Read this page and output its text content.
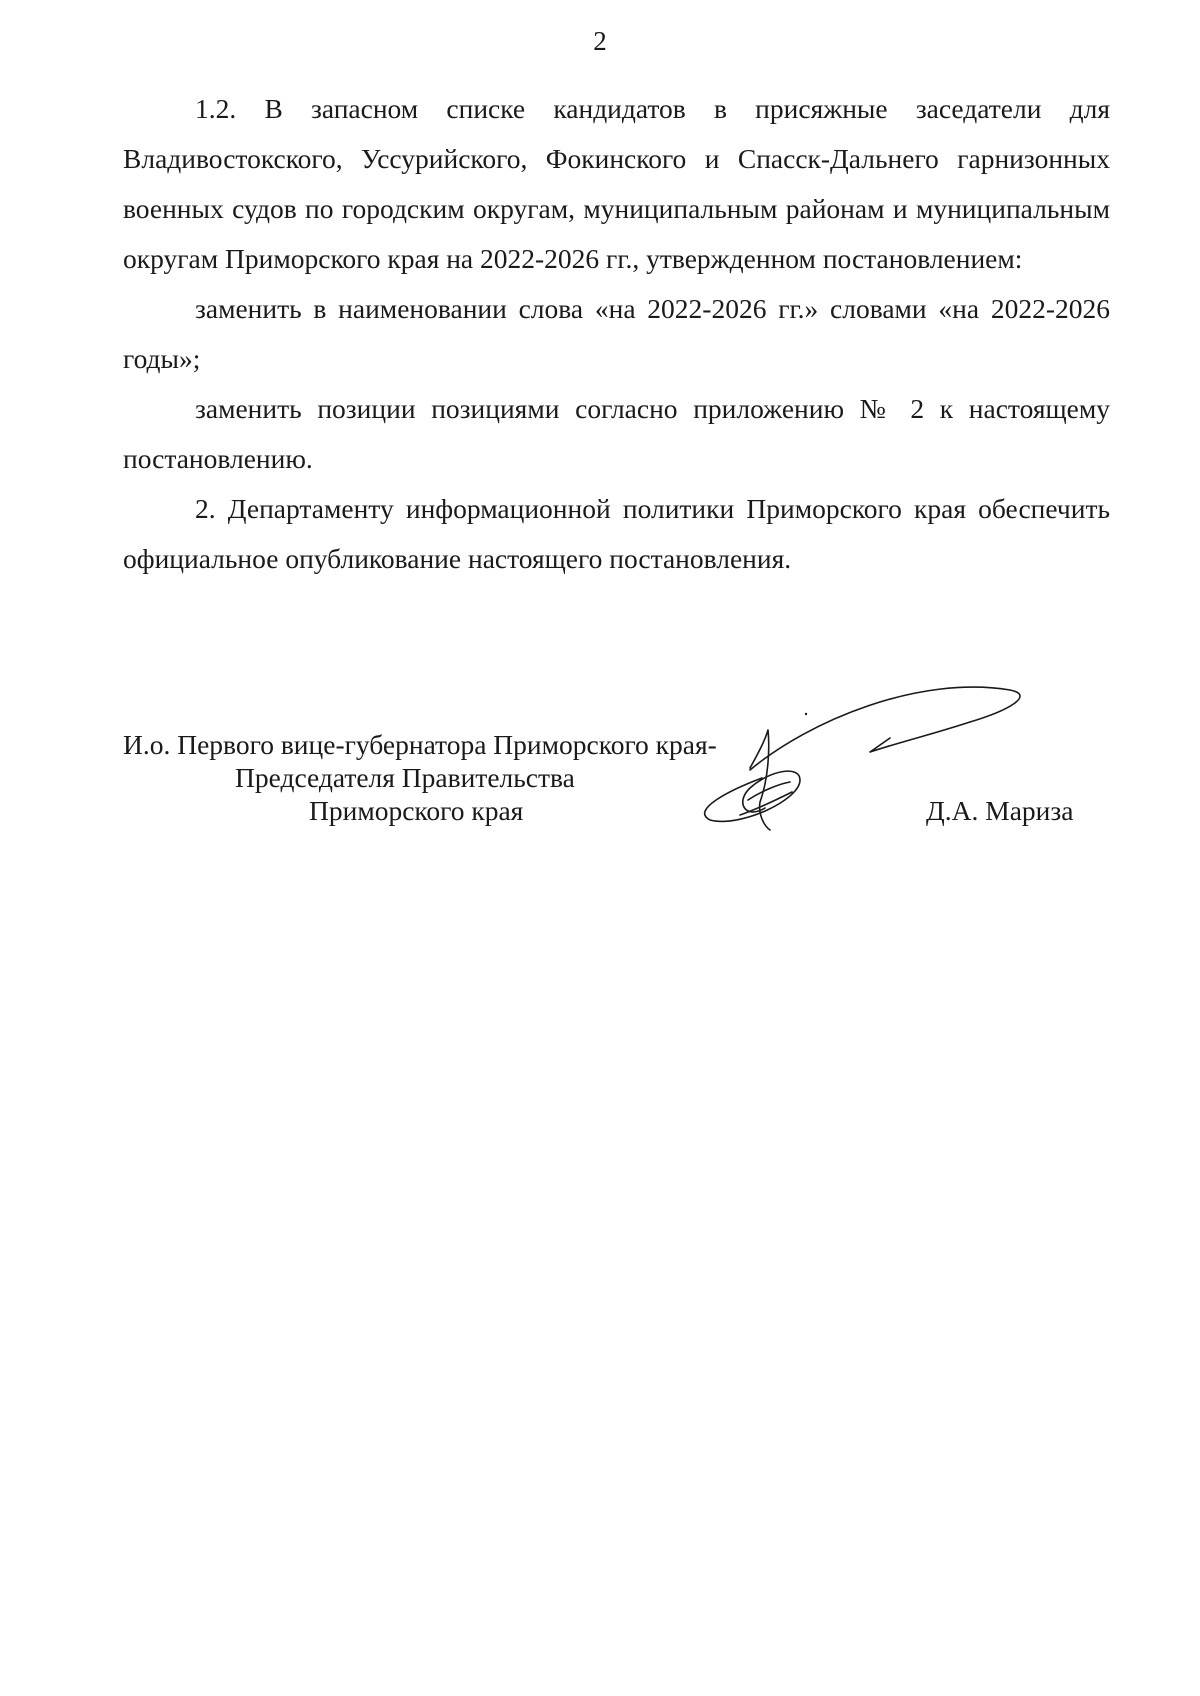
2

1.2. В запасном списке кандидатов в присяжные заседатели для Владивостокского, Уссурийского, Фокинского и Спасск-Дальнего гарнизонных военных судов по городским округам, муниципальным районам и муниципальным округам Приморского края на 2022-2026 гг., утвержденном постановлением:

заменить в наименовании слова «на 2022-2026 гг.» словами «на 2022-2026 годы»;

заменить позиции позициями согласно приложению № 2 к настоящему постановлению.

2. Департаменту информационной политики Приморского края обеспечить официальное опубликование настоящего постановления.

И.о. Первого вице-губернатора Приморского края-
Председателя Правительства
Приморского края	Д.А. Мариза
